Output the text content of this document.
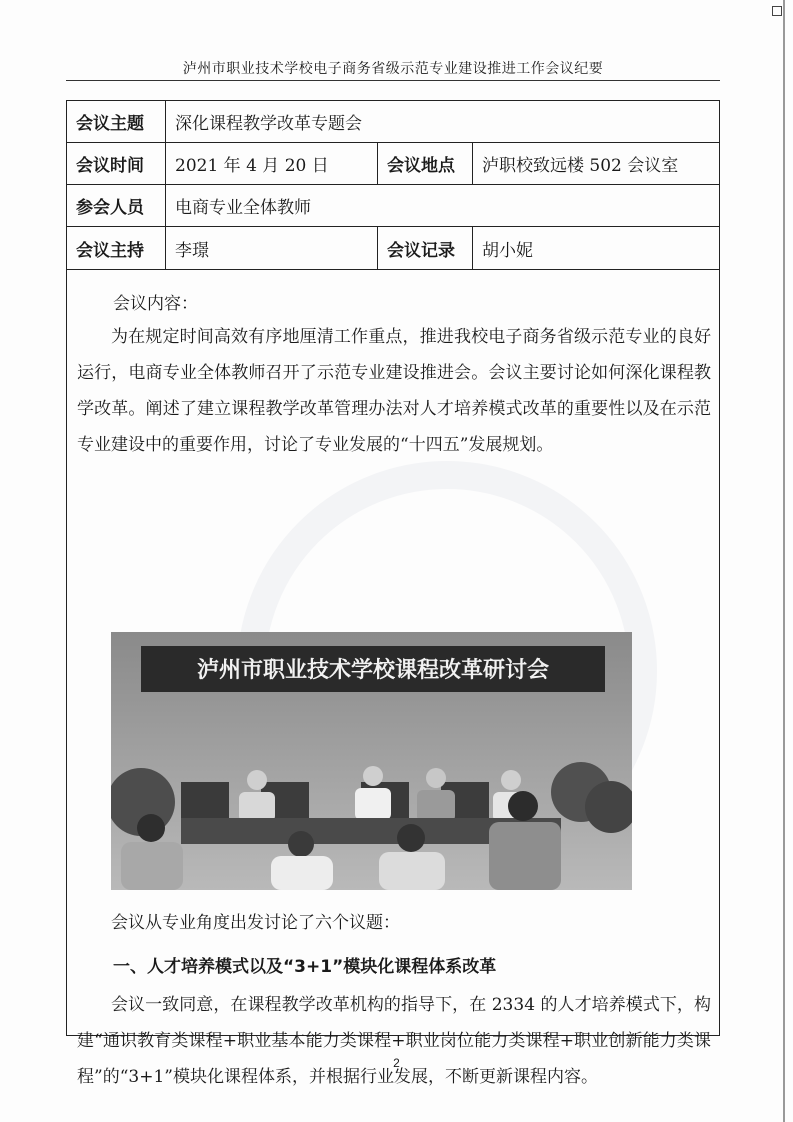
泸州市职业技术学校电子商务省级示范专业建设推进工作会议纪要
会议主题	深化课程教学改革专题会
会议时间	2021 年 4 月 20 日	会议地点	泸职校致远楼 502 会议室
参会人员	电商专业全体教师
会议主持	李璟	会议记录	胡小妮
会议内容：

为在规定时间高效有序地厘清工作重点，推进我校电子商务省级示范专业的良好运行，电商专业全体教师召开了示范专业建设推进会。会议主要讨论如何深化课程教学改革。阐述了建立课程教学改革管理办法对人才培养模式改革的重要性以及在示范专业建设中的重要作用，讨论了专业发展的“十四五”发展规划。

泸州市职业技术学校课程改革研讨会

会议从专业角度出发讨论了六个议题：

一、人才培养模式以及“3+1”模块化课程体系改革

会议一致同意，在课程教学改革机构的指导下，在 2334 的人才培养模式下，构建“通识教育类课程+职业基本能力类课程+职业岗位能力类课程+职业创新能力类课程”的“3+1”模块化课程体系，并根据行业发展，不断更新课程内容。

2
